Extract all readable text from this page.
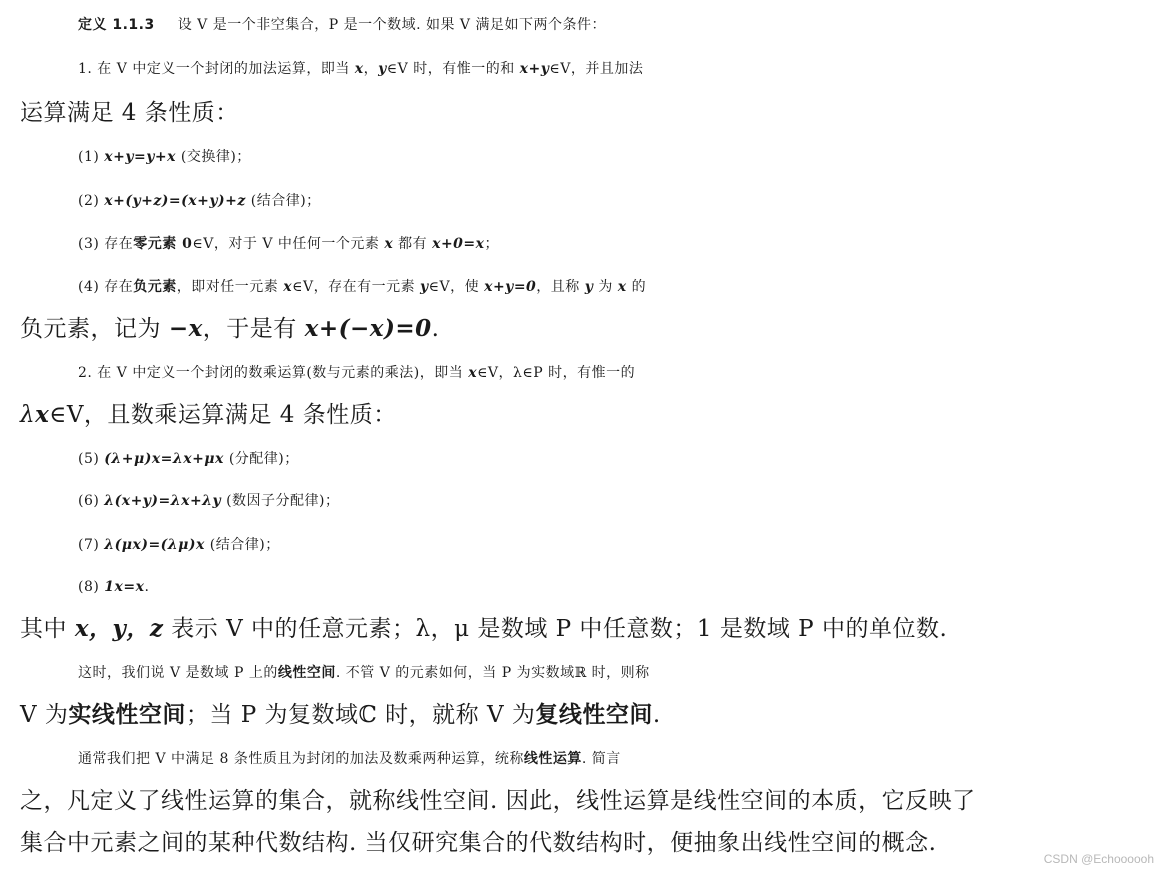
定义 1.1.3 设 V 是一个非空集合，P 是一个数域. 如果 V 满足如下两个条件：
1. 在 V 中定义一个封闭的加法运算，即当 x，y∈V 时，有惟一的和 x+y∈V，并且加法
运算满足 4 条性质：
(1) x+y=y+x (交换律)；
(2) x+(y+z)=(x+y)+z (结合律)；
(3) 存在零元素 0∈V，对于 V 中任何一个元素 x 都有 x+0=x；
(4) 存在负元素，即对任一元素 x∈V，存在有一元素 y∈V，使 x+y=0，且称 y 为 x 的
负元素，记为 −x，于是有 x+(−x)=0.
2. 在 V 中定义一个封闭的数乘运算(数与元素的乘法)，即当 x∈V，λ∈P 时，有惟一的
λx∈V，且数乘运算满足 4 条性质：
(5) (λ+μ)x=λx+μx (分配律)；
(6) λ(x+y)=λx+λy (数因子分配律)；
(7) λ(μx)=(λμ)x (结合律)；
(8) 1x=x.
其中 x，y，z 表示 V 中的任意元素；λ，μ 是数域 P 中任意数；1 是数域 P 中的单位数.
这时，我们说 V 是数域 P 上的线性空间. 不管 V 的元素如何，当 P 为实数域ℝ 时，则称
V 为实线性空间；当 P 为复数域ℂ 时，就称 V 为复线性空间.
通常我们把 V 中满足 8 条性质且为封闭的加法及数乘两种运算，统称线性运算. 简言
之，凡定义了线性运算的集合，就称线性空间. 因此，线性运算是线性空间的本质，它反映了
集合中元素之间的某种代数结构. 当仅研究集合的代数结构时，便抽象出线性空间的概念.
CSDN @Echoooooh
